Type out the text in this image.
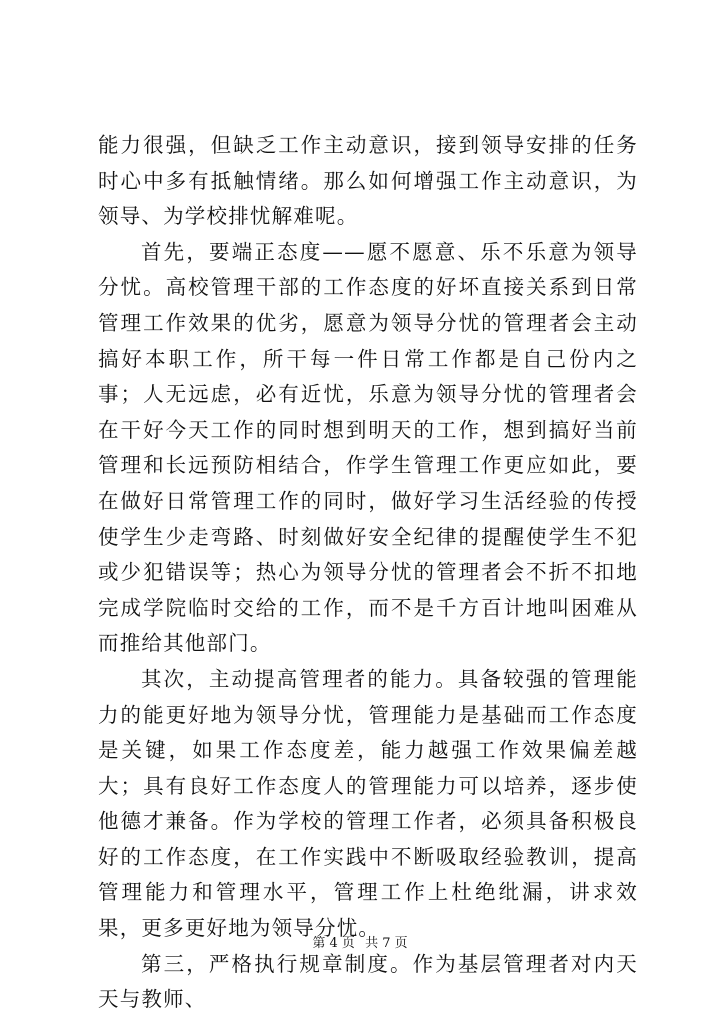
能力很强，但缺乏工作主动意识，接到领导安排的任务时心中多有抵触情绪。那么如何增强工作主动意识，为领导、为学校排忧解难呢。

首先，要端正态度——愿不愿意、乐不乐意为领导分忧。高校管理干部的工作态度的好坏直接关系到日常管理工作效果的优劣，愿意为领导分忧的管理者会主动搞好本职工作，所干每一件日常工作都是自己份内之事；人无远虑，必有近忧，乐意为领导分忧的管理者会在干好今天工作的同时想到明天的工作，想到搞好当前管理和长远预防相结合，作学生管理工作更应如此，要在做好日常管理工作的同时，做好学习生活经验的传授使学生少走弯路、时刻做好安全纪律的提醒使学生不犯或少犯错误等；热心为领导分忧的管理者会不折不扣地完成学院临时交给的工作，而不是千方百计地叫困难从而推给其他部门。

其次，主动提高管理者的能力。具备较强的管理能力的能更好地为领导分忧，管理能力是基础而工作态度是关键，如果工作态度差，能力越强工作效果偏差越大；具有良好工作态度人的管理能力可以培养，逐步使他德才兼备。作为学校的管理工作者，必须具备积极良好的工作态度，在工作实践中不断吸取经验教训，提高管理能力和管理水平，管理工作上杜绝纰漏，讲求效果，更多更好地为领导分忧。

第三，严格执行规章制度。作为基层管理者对内天天与教师、

第 4 页 共 7 页
